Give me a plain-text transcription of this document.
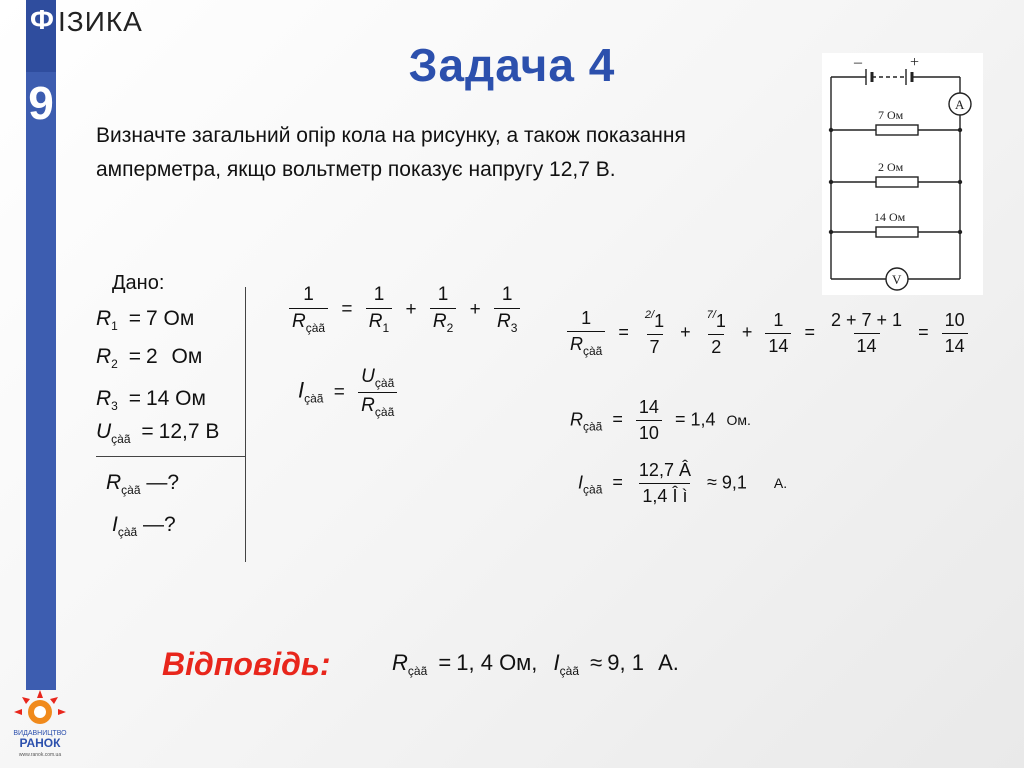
Ф ІЗИКА
9
Задача 4
Визначте загальний опір кола на рисунку, а також показання амперметра, якщо вольтметр показує напругу 12,7 В.
Дано:
$R_1 = 7$ Ом
$R_2 = 2$ Ом
$R_3 = 14$ Ом
$U_{çàã} = 12,7$ В
$R_{çàã}$ —?
$I_{çàã}$ —?
$\frac{1}{R_{çàã}} = \frac{1}{R_1} + \frac{1}{R_2} + \frac{1}{R_3}$
$I_{çàã} = \frac{U_{çàã}}{R_{çàã}}$
$\frac{1}{R_{çàã}} = \frac{^{2/}1}{7} + \frac{^{7/}1}{2} + \frac{1}{14} = \frac{2 + 7 + 1}{14} = \frac{10}{14}$
$R_{çàã} = \frac{14}{10} = 1,4$ Ом.
$I_{çàã} = \frac{12,7 Â}{\text{1,4 Î ì}} \approx 9,1$ А.
Відповідь:	$R_{çàã} = 1$, 4 Ом, $I_{çàã} \approx 9$, 1 А.
–	+
A
V
7 Ом
2 Ом
14 Ом
ВИДАВНИЦТВО
РАНОК
www.ranok.com.ua
